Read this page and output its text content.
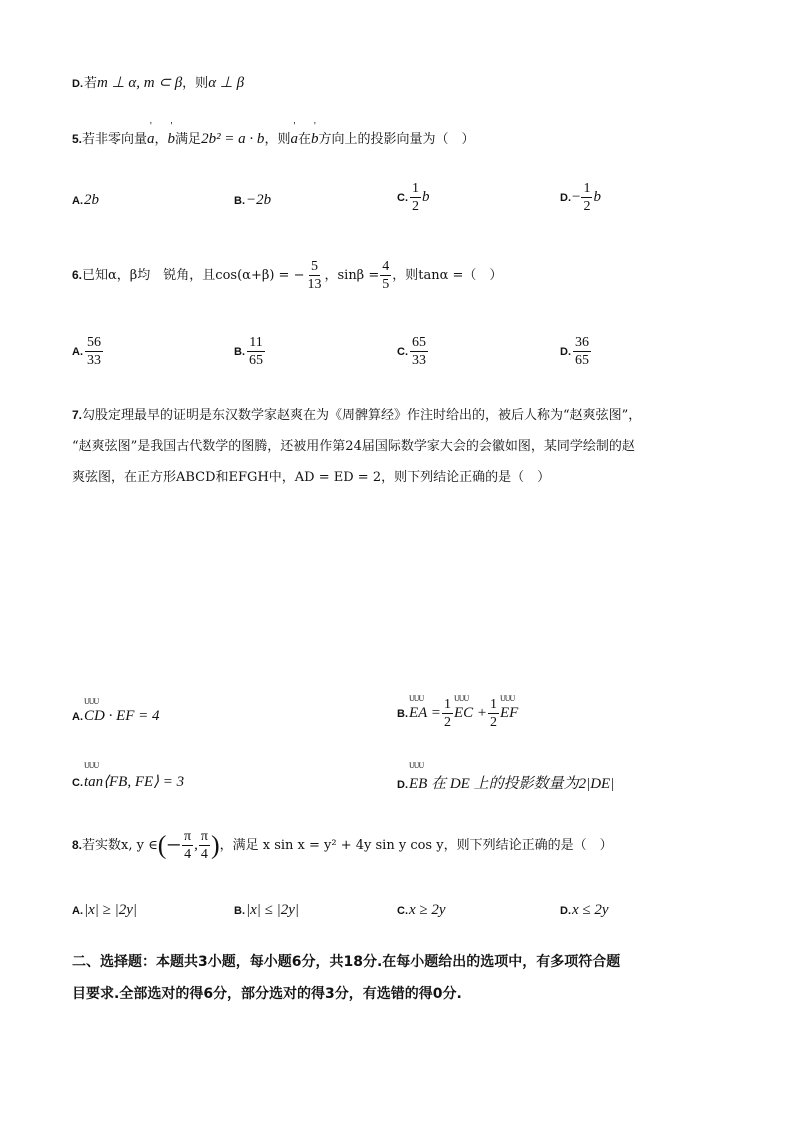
D.若m ⊥ α, m ⊂ β，则α ⊥ β
5.若非零向量' a，' b满足2b² = a · b，则' a在' b方向上的投影向量为（　）
A.2b	B.−2b	C. $\frac{1}{2}$ b	$D.- \frac{1}{2}$ b
6.已知α，β均　锐角，且cos(α+β) = − $\frac{5}{13}$ ，$\sin\beta = \frac{4}{5}$ ，则tanα =（　）
A. $\frac{56}{33}$	B. $\frac{11}{65}$	C. $\frac{65}{33}$	D. $\frac{36}{65}$
7.勾股定理最早的证明是东汉数学家赵爽在为《周髀算经》作注时给出的，被后人称为“赵爽弦图”，
“赵爽弦图”是我国古代数学的图腾，还被用作第24届国际数学家大会的会徽如图，某同学绘制的赵
爽弦图，在正方形ABCD和EFGH中，AD = ED = 2，则下列结论正确的是（　）
A.UUU CD · EF = 4	B.UUU EA = $\frac{1}{2}$ UUU EC + $\frac{1}{2}$ UUU EF
C.UUU tan⟨FB, FE⟩ = 3	D.UUU EB 在 DE 上的投影数量为2|DE|
8.若实数x, y ∈(− $\frac{\pi}{4}$ , $\frac{\pi}{4}$ )，满足 x sin x = y² + 4y sin y cos y，则下列结论正确的是（　）
A.|x| ≥ |2y|	B.|x| ≤ |2y|	C.x ≥ 2y	D.x ≤ 2y
二、选择题：本题共3小题，每小题6分，共18分.在每小题给出的选项中，有多项符合题
目要求.全部选对的得6分，部分选对的得3分，有选错的得0分.
